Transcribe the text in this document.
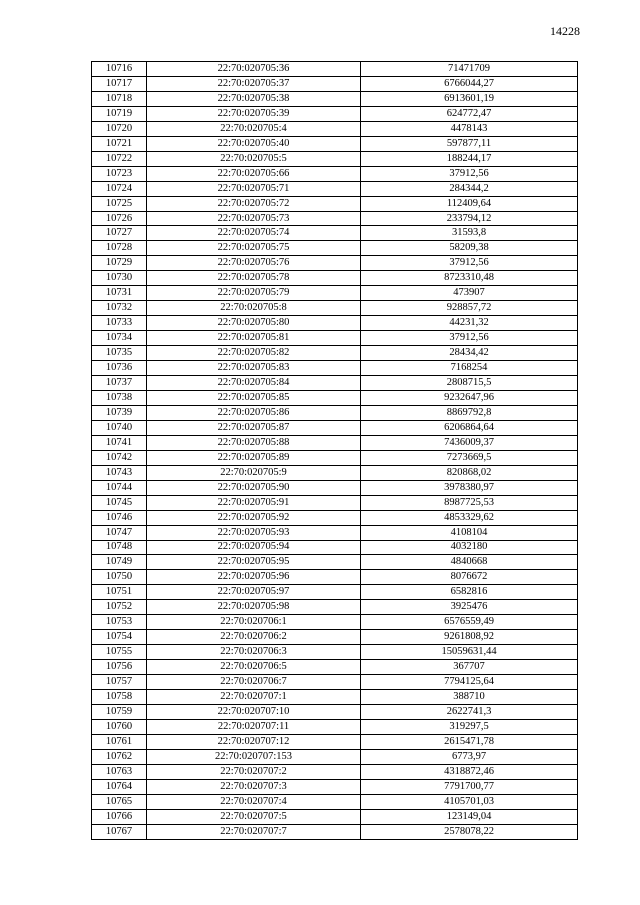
14228
10716	22:70:020705:36	71471709
10717	22:70:020705:37	6766044,27
10718	22:70:020705:38	6913601,19
10719	22:70:020705:39	624772,47
10720	22:70:020705:4	4478143
10721	22:70:020705:40	597877,11
10722	22:70:020705:5	188244,17
10723	22:70:020705:66	37912,56
10724	22:70:020705:71	284344,2
10725	22:70:020705:72	112409,64
10726	22:70:020705:73	233794,12
10727	22:70:020705:74	31593,8
10728	22:70:020705:75	58209,38
10729	22:70:020705:76	37912,56
10730	22:70:020705:78	8723310,48
10731	22:70:020705:79	473907
10732	22:70:020705:8	928857,72
10733	22:70:020705:80	44231,32
10734	22:70:020705:81	37912,56
10735	22:70:020705:82	28434,42
10736	22:70:020705:83	7168254
10737	22:70:020705:84	2808715,5
10738	22:70:020705:85	9232647,96
10739	22:70:020705:86	8869792,8
10740	22:70:020705:87	6206864,64
10741	22:70:020705:88	7436009,37
10742	22:70:020705:89	7273669,5
10743	22:70:020705:9	820868,02
10744	22:70:020705:90	3978380,97
10745	22:70:020705:91	8987725,53
10746	22:70:020705:92	4853329,62
10747	22:70:020705:93	4108104
10748	22:70:020705:94	4032180
10749	22:70:020705:95	4840668
10750	22:70:020705:96	8076672
10751	22:70:020705:97	6582816
10752	22:70:020705:98	3925476
10753	22:70:020706:1	6576559,49
10754	22:70:020706:2	9261808,92
10755	22:70:020706:3	15059631,44
10756	22:70:020706:5	367707
10757	22:70:020706:7	7794125,64
10758	22:70:020707:1	388710
10759	22:70:020707:10	2622741,3
10760	22:70:020707:11	319297,5
10761	22:70:020707:12	2615471,78
10762	22:70:020707:153	6773,97
10763	22:70:020707:2	4318872,46
10764	22:70:020707:3	7791700,77
10765	22:70:020707:4	4105701,03
10766	22:70:020707:5	123149,04
10767	22:70:020707:7	2578078,22
